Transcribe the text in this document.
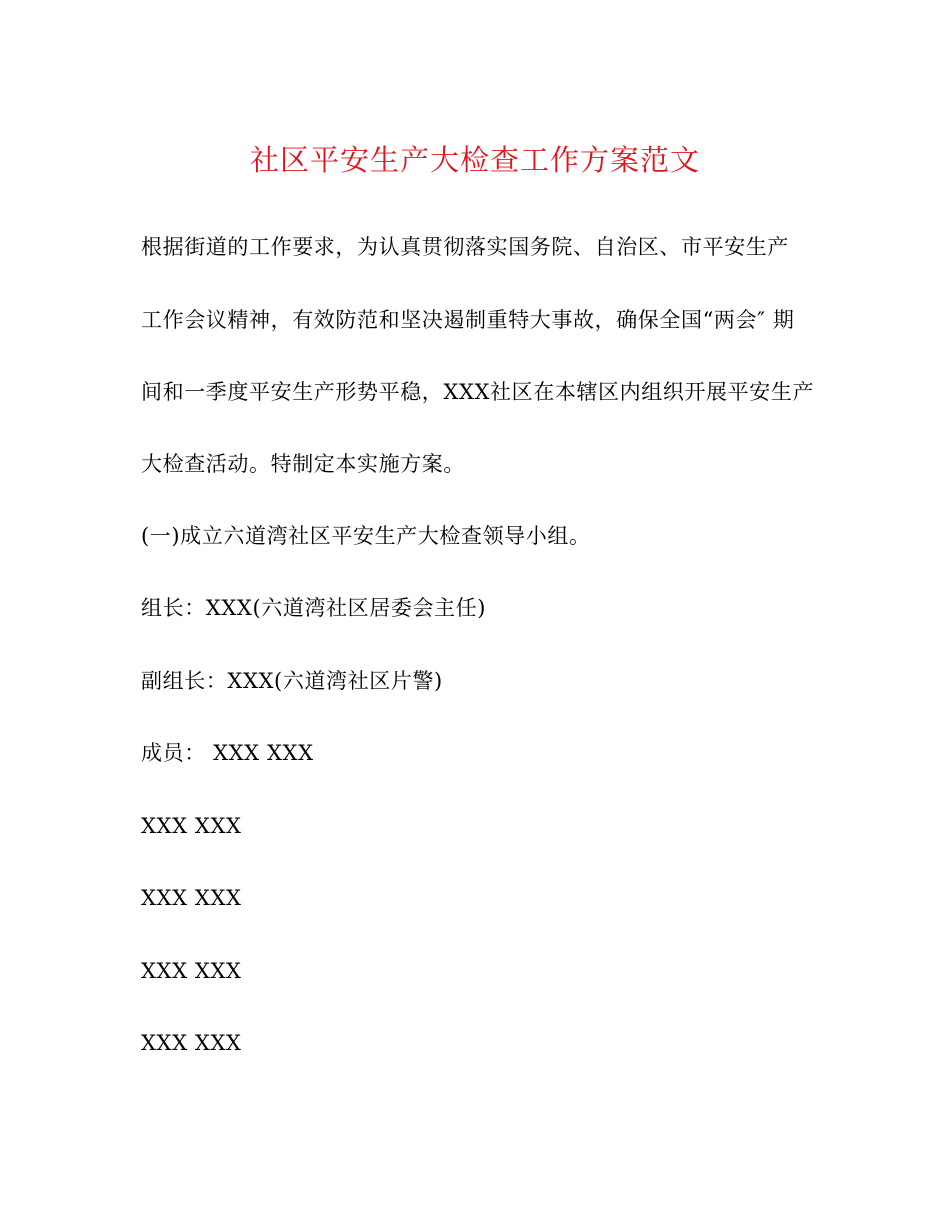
社区平安生产大检查工作方案范文
根据街道的工作要求，为认真贯彻落实国务院、自治区、市平安生产
工作会议精神，有效防范和坚决遏制重特大事故，确保全国“两会″ 期
间和一季度平安生产形势平稳，XXX社区在本辖区内组织开展平安生产
大检查活动。特制定本实施方案。
(一)成立六道湾社区平安生产大检查领导小组。
组长：XXX(六道湾社区居委会主任)
副组长：XXX(六道湾社区片警)
成员： XXX XXX
XXX XXX
XXX XXX
XXX XXX
XXX XXX
